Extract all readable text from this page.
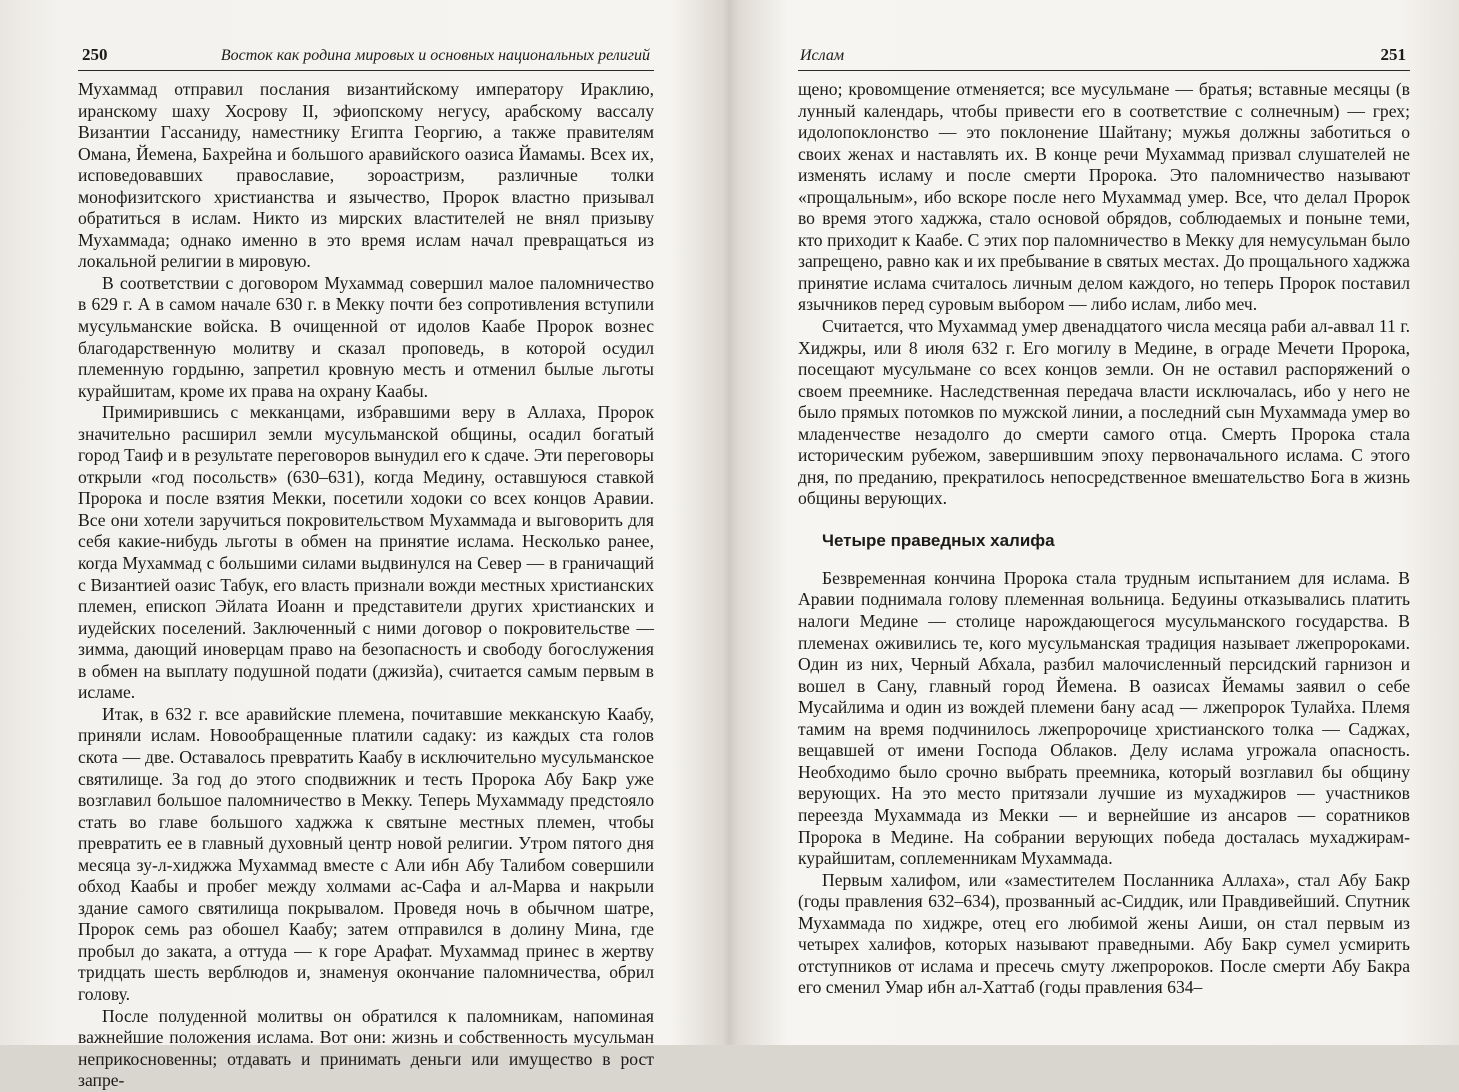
250	Восток как родина мировых и основных национальных религий

Мухаммад отправил послания византийскому императору Ираклию, иранскому шаху Хосрову II, эфиопскому негусу, арабскому вассалу Византии Гассаниду, наместнику Египта Георгию, а также правителям Омана, Йемена, Бахрейна и большого аравийского оазиса Йамамы. Всех их, исповедовавших православие, зороастризм, различные толки монофизитского христианства и язычество, Пророк властно призывал обратиться в ислам. Никто из мирских властителей не внял призыву Мухаммада; однако именно в это время ислам начал превращаться из локальной религии в мировую.

В соответствии с договором Мухаммад совершил малое паломничество в 629 г. А в самом начале 630 г. в Мекку почти без сопротивления вступили мусульманские войска. В очищенной от идолов Каабе Пророк вознес благодарственную молитву и сказал проповедь, в которой осудил племенную гордыню, запретил кровную месть и отменил былые льготы курайшитам, кроме их права на охрану Каабы.

Примирившись с мекканцами, избравшими веру в Аллаха, Пророк значительно расширил земли мусульманской общины, осадил богатый город Таиф и в результате переговоров вынудил его к сдаче. Эти переговоры открыли «год посольств» (630–631), когда Медину, оставшуюся ставкой Пророка и после взятия Мекки, посетили ходоки со всех концов Аравии. Все они хотели заручиться покровительством Мухаммада и выговорить для себя какие-нибудь льготы в обмен на принятие ислама. Несколько ранее, когда Мухаммад с большими силами выдвинулся на Север — в граничащий с Византией оазис Табук, его власть признали вожди местных христианских племен, епископ Эйлата Иоанн и представители других христианских и иудейских поселений. Заключенный с ними договор о покровительстве — зимма, дающий иноверцам право на безопасность и свободу богослужения в обмен на выплату подушной подати (джизйа), считается самым первым в исламе.

Итак, в 632 г. все аравийские племена, почитавшие мекканскую Каабу, приняли ислам. Новообращенные платили садаку: из каждых ста голов скота — две. Оставалось превратить Каабу в исключительно мусульманское святилище. За год до этого сподвижник и тесть Пророка Абу Бакр уже возглавил большое паломничество в Мекку. Теперь Мухаммаду предстояло стать во главе большого хаджжа к святыне местных племен, чтобы превратить ее в главный духовный центр новой религии. Утром пятого дня месяца зу-л-хиджжа Мухаммад вместе с Али ибн Абу Талибом совершили обход Каабы и пробег между холмами ас-Сафа и ал-Марва и накрыли здание самого святилища покрывалом. Проведя ночь в обычном шатре, Пророк семь раз обошел Каабу; затем отправился в долину Мина, где пробыл до заката, а оттуда — к горе Арафат. Мухаммад принес в жертву тридцать шесть верблюдов и, знаменуя окончание паломничества, обрил голову.

После полуденной молитвы он обратился к паломникам, напоминая важнейшие положения ислама. Вот они: жизнь и собственность мусульман неприкосновенны; отдавать и принимать деньги или имущество в рост запре-

Ислам	251

щено; кровомщение отменяется; все мусульмане — братья; вставные месяцы (в лунный календарь, чтобы привести его в соответствие с солнечным) — грех; идолопоклонство — это поклонение Шайтану; мужья должны заботиться о своих женах и наставлять их. В конце речи Мухаммад призвал слушателей не изменять исламу и после смерти Пророка. Это паломничество называют «прощальным», ибо вскоре после него Мухаммад умер. Все, что делал Пророк во время этого хаджжа, стало основой обрядов, соблюдаемых и поныне теми, кто приходит к Каабе. С этих пор паломничество в Мекку для немусульман было запрещено, равно как и их пребывание в святых местах. До прощального хаджжа принятие ислама считалось личным делом каждого, но теперь Пророк поставил язычников перед суровым выбором — либо ислам, либо меч.

Считается, что Мухаммад умер двенадцатого числа месяца раби ал-аввал 11 г. Хиджры, или 8 июля 632 г. Его могилу в Медине, в ограде Мечети Пророка, посещают мусульмане со всех концов земли. Он не оставил распоряжений о своем преемнике. Наследственная передача власти исключалась, ибо у него не было прямых потомков по мужской линии, а последний сын Мухаммада умер во младенчестве незадолго до смерти самого отца. Смерть Пророка стала историческим рубежом, завершившим эпоху первоначального ислама. С этого дня, по преданию, прекратилось непосредственное вмешательство Бога в жизнь общины верующих.

Четыре праведных халифа

Безвременная кончина Пророка стала трудным испытанием для ислама. В Аравии поднимала голову племенная вольница. Бедуины отказывались платить налоги Медине — столице нарождающегося мусульманского государства. В племенах оживились те, кого мусульманская традиция называет лжепророками. Один из них, Черный Абхала, разбил малочисленный персидский гарнизон и вошел в Сану, главный город Йемена. В оазисах Йемамы заявил о себе Мусайлима и один из вождей племени бану асад — лжепророк Тулайха. Племя тамим на время подчинилось лжепророчице христианского толка — Саджах, вещавшей от имени Господа Облаков. Делу ислама угрожала опасность. Необходимо было срочно выбрать преемника, который возглавил бы общину верующих. На это место притязали лучшие из мухаджиров — участников переезда Мухаммада из Мекки — и вернейшие из ансаров — соратников Пророка в Медине. На собрании верующих победа досталась мухаджирам-курайшитам, соплеменникам Мухаммада.

Первым халифом, или «заместителем Посланника Аллаха», стал Абу Бакр (годы правления 632–634), прозванный ас-Сиддик, или Правдивейший. Спутник Мухаммада по хиджре, отец его любимой жены Аиши, он стал первым из четырех халифов, которых называют праведными. Абу Бакр сумел усмирить отступников от ислама и пресечь смуту лжепророков. После смерти Абу Бакра его сменил Умар ибн ал-Хаттаб (годы правления 634–
